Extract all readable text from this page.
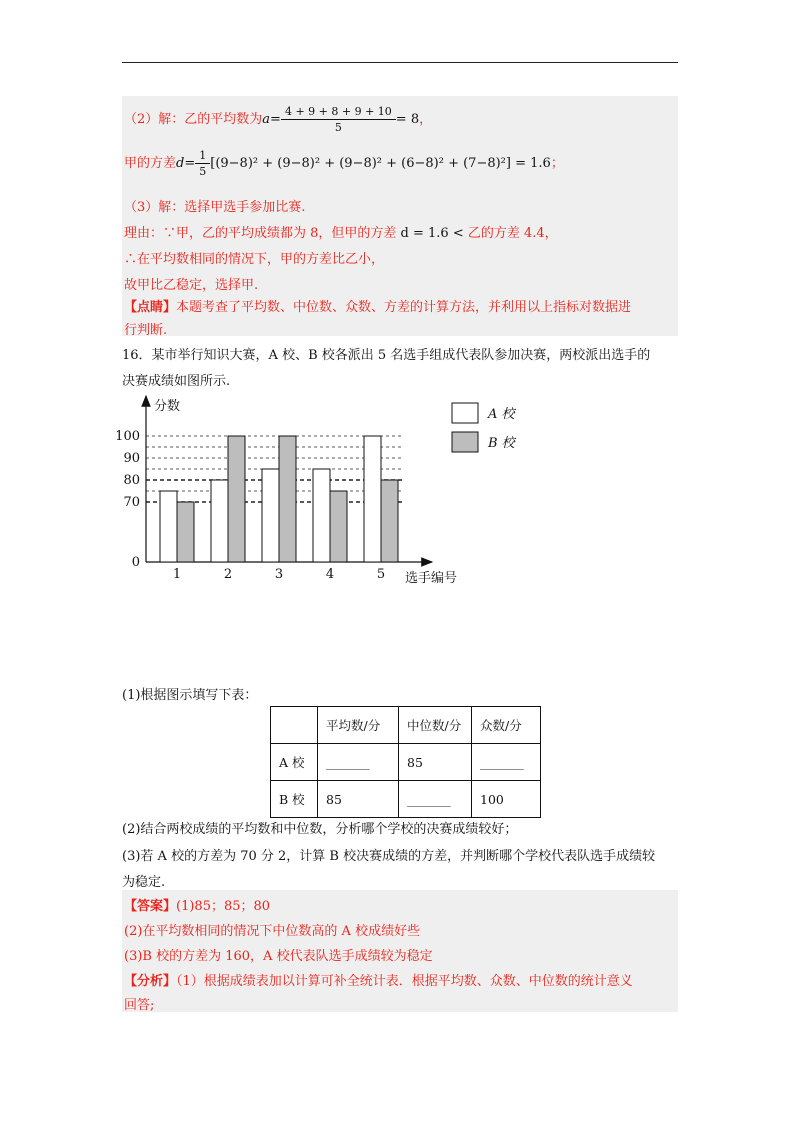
（2）解：乙的平均数为$a= \frac{4 + 9 + 8 + 9 + 10}{5} = 8$，
甲的方差$d= \frac{1}{5} [(9-8)^2 + (9-8)^2 + (9-8)^2 + (6-8)^2 + (7-8)^2] = 1.6$；
（3）解：选择甲选手参加比赛.
理由：∵甲，乙的平均成绩都为 8，但甲的方差 d = 1.6 < 乙的方差 4.4，
∴在平均数相同的情况下，甲的方差比乙小，
故甲比乙稳定，选择甲.
【点睛】本题考查了平均数、中位数、众数、方差的计算方法，并利用以上指标对数据进
行判断.
16．某市举行知识大赛，A 校、B 校各派出 5 名选手组成代表队参加决赛，两校派出选手的
决赛成绩如图所示.
0
70
80
90
100
1	2	3	4	5
分数
选手编号
A 校
B 校
(1)根据图示填写下表：
	平均数/分	中位数/分	众数/分
A 校	_______	85	_______
B 校	85	_______	100
(2)结合两校成绩的平均数和中位数，分析哪个学校的决赛成绩较好；
(3)若 A 校的方差为 70 分 2，计算 B 校决赛成绩的方差，并判断哪个学校代表队选手成绩较
为稳定.
【答案】(1)85；85；80
(2)在平均数相同的情况下中位数高的 A 校成绩好些
(3)B 校的方差为 160，A 校代表队选手成绩较为稳定
【分析】（1）根据成绩表加以计算可补全统计表．根据平均数、众数、中位数的统计意义
回答;
